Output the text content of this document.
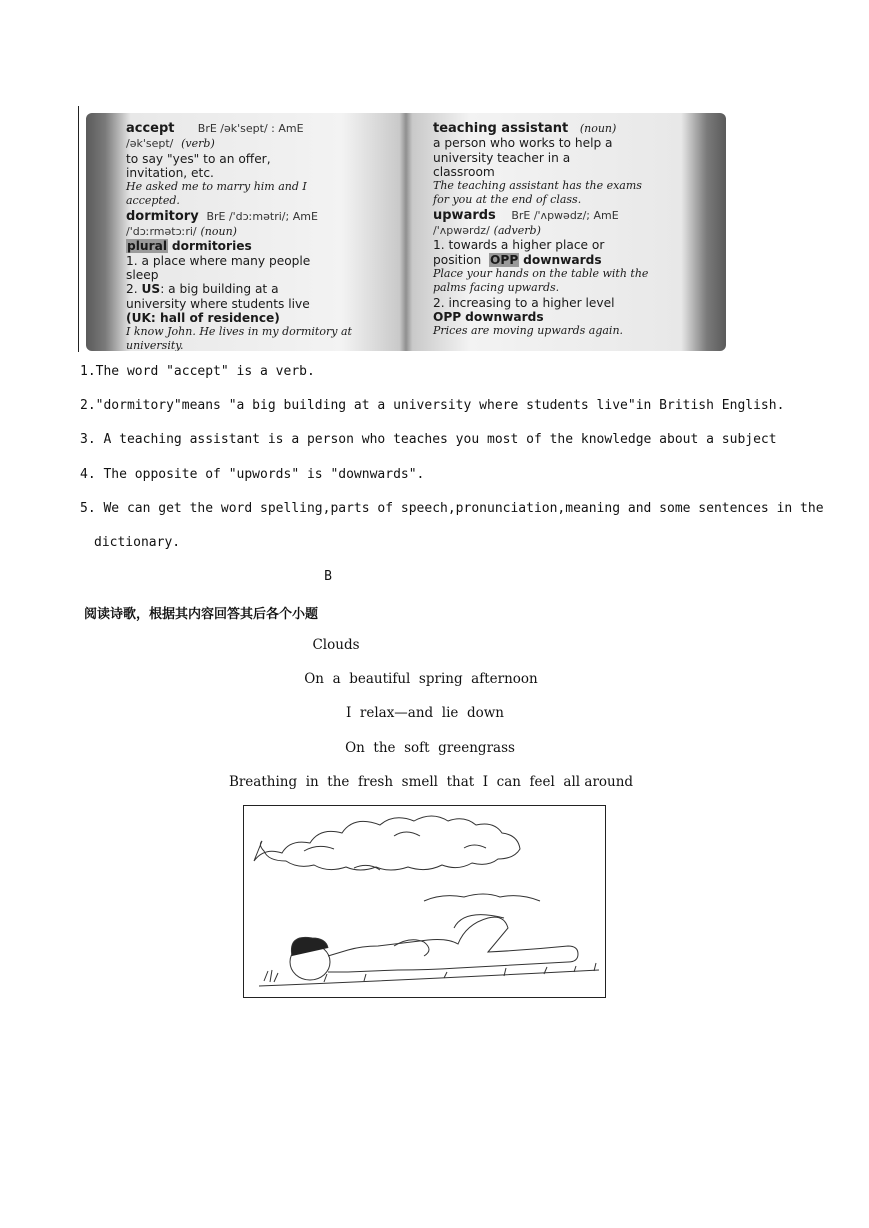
accept BrE /ək'sept/ : AmE
/ək'sept/ (verb)
to say "yes" to an offer,
invitation, etc.
He asked me to marry him and I
accepted.
dormitory BrE /'dɔːmətri/; AmE
/'dɔːrmətɔːri/ (noun)
plural dormitories
1. a place where many people
sleep
2. US: a big building at a
university where students live
(UK: hall of residence)
I know John. He lives in my dormitory at
university.
teaching assistant (noun)
a person who works to help a
university teacher in a
classroom
The teaching assistant has the exams
for you at the end of class.
upwards BrE /'ʌpwədz/; AmE
/'ʌpwərdz/ (adverb)
1. towards a higher place or
position OPP downwards
Place your hands on the table with the
palms facing upwards.
2. increasing to a higher level
OPP downwards
Prices are moving upwards again.
1.The word "accept" is a verb.
2."dormitory"means "a big building at a university where students live"in British English.
3. A teaching assistant is a person who teaches you most of the knowledge about a subject
4. The opposite of "upwords" is "downwards".
5. We can get the word spelling,parts of speech,pronunciation,meaning and some sentences in the
dictionary.
B
阅读诗歌，根据其内容回答其后各个小题
Clouds
On  a  beautiful  spring  afternoon
I  relax—and  lie  down
On  the  soft  greengrass
Breathing  in  the  fresh  smell  that  I  can  feel  all around
